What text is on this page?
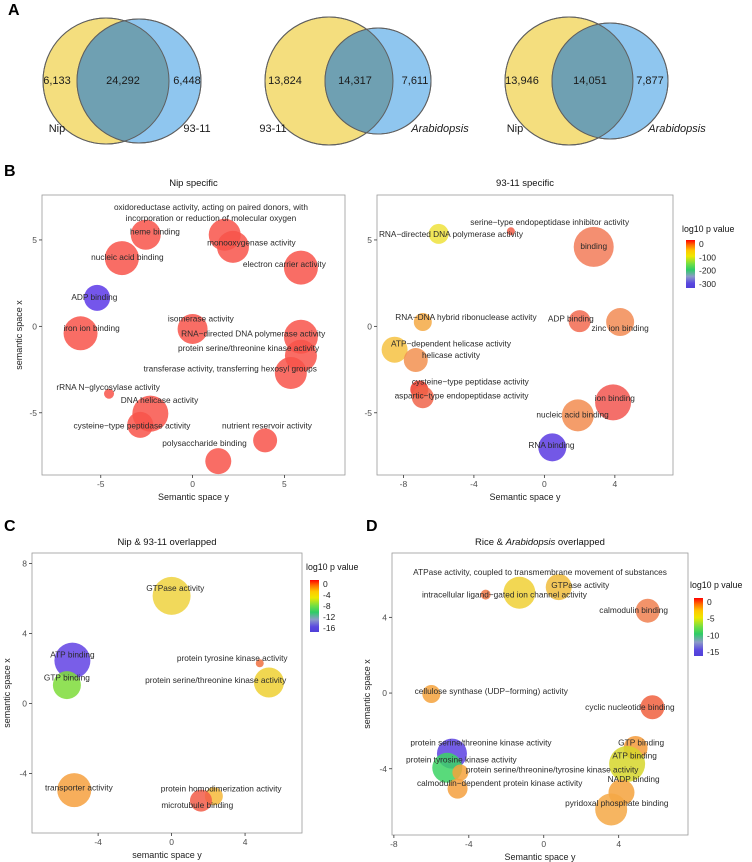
A
B
C	D
6,133	24,292	6,448
Nip	93-11
13,824	14,317	7,611
93-11	Arabidopsis
13,946	14,051	7,877
Nip	Arabidopsis
Nip specific
-5	0	5
5
0
-5
Semantic space y
semantic space x
heme binding
monooxygenase activity
nucleic acid binding
electron carrier activity
ADP binding
iron ion binding
isomerase activity
RNA−directed DNA polymerase activity
protein serine/threonine kinase activity
transferase activity, transferring hexosyl groups
rRNA N−glycosylase activity
DNA helicase activity
cysteine−type peptidase activity	nutrient reservoir activity
polysaccharide binding
oxidoreductase activity, acting on paired donors, with
incorporation or reduction of molecular oxygen
93-11 specific
-8	-4	0	4
5
0
-5
Semantic space y
serine−type endopeptidase inhibitor activity
RNA−directed DNA polymerase activity
binding
RNA−DNA hybrid ribonuclease activity ADP binding
zinc ion binding
ATP−dependent helicase activity
helicase activity
cysteine−type peptidase activity
aspartic−type endopeptidase activity	ion binding
nucleic acid binding
RNA binding
log10 p value
0
-100
-200
-300
Nip & 93-11 overlapped
-4	0	4
8
4
0
-4
semantic space y
semantic space x
GTPase activity
ATP binding
GTP binding
protein tyrosine kinase activity
protein serine/threonine kinase activity
transporter activity	protein homodimerization activity
microtubule binding
log10 p value
0
-4
-8
-12
-16
Rice & Arabidopsis overlapped
-8	-4	0	4
4
0
-4
Semantic space y
semantic space x
GTPase activity
intracellular ligand−gated ion channel activity
calmodulin binding
cellulose synthase (UDP−forming) activity
cyclic nucleotide binding
protein serine/threonine kinase activity
protein tyrosine kinase activity
protein serine/threonine/tyrosine kinase activity
calmodulin−dependent protein kinase activity
GTP binding
ATP binding
NADP binding
pyridoxal phosphate binding
ATPase activity, coupled to transmembrane movement of substances
log10 p value
0
-5
-10
-15
